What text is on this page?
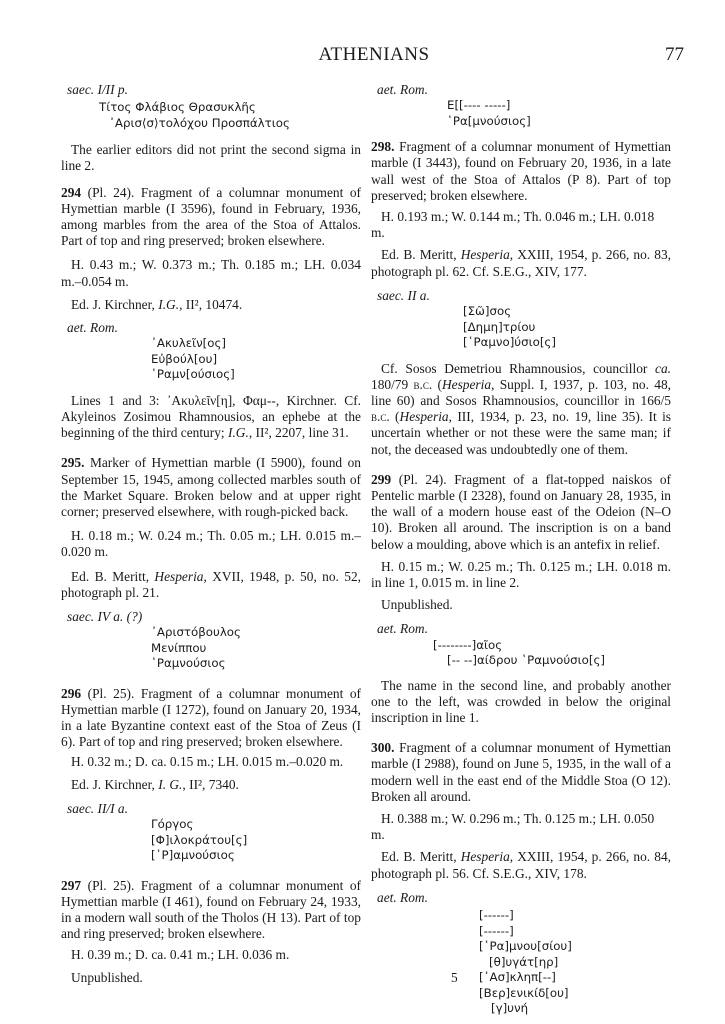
ATHENIANS	77

saec. I/II p.

Τίτος Φλάβιος Θρασυκλῆς
᾿Αρισ⟨σ⟩τολόχου Προσπάλτιος

The earlier editors did not print the second sigma in line 2.

294 (Pl. 24). Fragment of a columnar monument of Hymettian marble (I 3596), found in February, 1936, among marbles from the area of the Stoa of Attalos. Part of top and ring preserved; broken elsewhere.

H. 0.43 m.; W. 0.373 m.; Th. 0.185 m.; LH. 0.034 m.–0.054 m.

Ed. J. Kirchner, I.G., II², 10474.

aet. Rom.

᾿Ακυλεῖν[ος]
Εὐβούλ[ου]
῾Ραμν[ούσιος]

Lines 1 and 3: ᾿Ακυλεῖν[η], Φαμ--, Kirchner. Cf. Akyleinos Zosimou Rhamnousios, an ephebe at the beginning of the third century; I.G., II², 2207, line 31.

295. Marker of Hymettian marble (I 5900), found on September 15, 1945, among collected marbles south of the Market Square. Broken below and at upper right corner; preserved elsewhere, with rough-picked back.

H. 0.18 m.; W. 0.24 m.; Th. 0.05 m.; LH. 0.015 m.–0.020 m.

Ed. B. Meritt, Hesperia, XVII, 1948, p. 50, no. 52, photograph pl. 21.

saec. IV a. (?)

᾿Αριστόβουλος
Μενίππου
῾Ραμνούσιος

296 (Pl. 25). Fragment of a columnar monument of Hymettian marble (I 1272), found on January 20, 1934, in a late Byzantine context east of the Stoa of Zeus (I 6). Part of top and ring preserved; broken elsewhere.

H. 0.32 m.; D. ca. 0.15 m.; LH. 0.015 m.–0.020 m.

Ed. J. Kirchner, I. G., II², 7340.

saec. II/I a.

Γόργος
[Φ]ιλοκράτου[ς]
[῾Ρ]αμνούσιος

297 (Pl. 25). Fragment of a columnar monument of Hymettian marble (I 461), found on February 24, 1933, in a modern wall south of the Tholos (H 13). Part of top and ring preserved; broken elsewhere.

H. 0.39 m.; D. ca. 0.41 m.; LH. 0.036 m.

Unpublished.

aet. Rom.

Ε[[---- -----]
῾Ρα[μνούσιος]

298. Fragment of a columnar monument of Hymettian marble (I 3443), found on February 20, 1936, in a late wall west of the Stoa of Attalos (P 8). Part of top preserved; broken elsewhere.

H. 0.193 m.; W. 0.144 m.; Th. 0.046 m.; LH. 0.018 m.

Ed. B. Meritt, Hesperia, XXIII, 1954, p. 266, no. 83, photograph pl. 62. Cf. S.E.G., XIV, 177.

saec. II a.

[Σῶ]σος
[Δημη]τρίου
[῾Ραμνο]ύσιο[ς]

Cf. Sosos Demetriou Rhamnousios, councillor ca. 180/79 b.c. (Hesperia, Suppl. I, 1937, p. 103, no. 48, line 60) and Sosos Rhamnousios, councillor in 166/5 b.c. (Hesperia, III, 1934, p. 23, no. 19, line 35). It is uncertain whether or not these were the same man; if not, the deceased was undoubtedly one of them.

299 (Pl. 24). Fragment of a flat-topped naiskos of Pentelic marble (I 2328), found on January 28, 1935, in the wall of a modern house east of the Odeion (N–O 10). Broken all around. The inscription is on a band below a moulding, above which is an antefix in relief.

H. 0.15 m.; W. 0.25 m.; Th. 0.125 m.; LH. 0.018 m. in line 1, 0.015 m. in line 2.

Unpublished.

aet. Rom.

[--------]αῖος
[-- --]αίδρου ῾Ραμνούσιο[ς]

The name in the second line, and probably another one to the left, was crowded in below the original inscription in line 1.

300. Fragment of a columnar monument of Hymettian marble (I 2988), found on June 5, 1935, in the wall of a modern well in the east end of the Middle Stoa (O 12). Broken all around.

H. 0.388 m.; W. 0.296 m.; Th. 0.125 m.; LH. 0.050 m.

Ed. B. Meritt, Hesperia, XXIII, 1954, p. 266, no. 84, photograph pl. 56. Cf. S.E.G., XIV, 178.

aet. Rom.

[------]
[------]
[῾Ρα]μνου[σίου]
[θ]υγάτ[ηρ]
5 [᾿Ασ]κληπ[--]
[Βερ]ενικίδ[ου]
[γ]υνή
